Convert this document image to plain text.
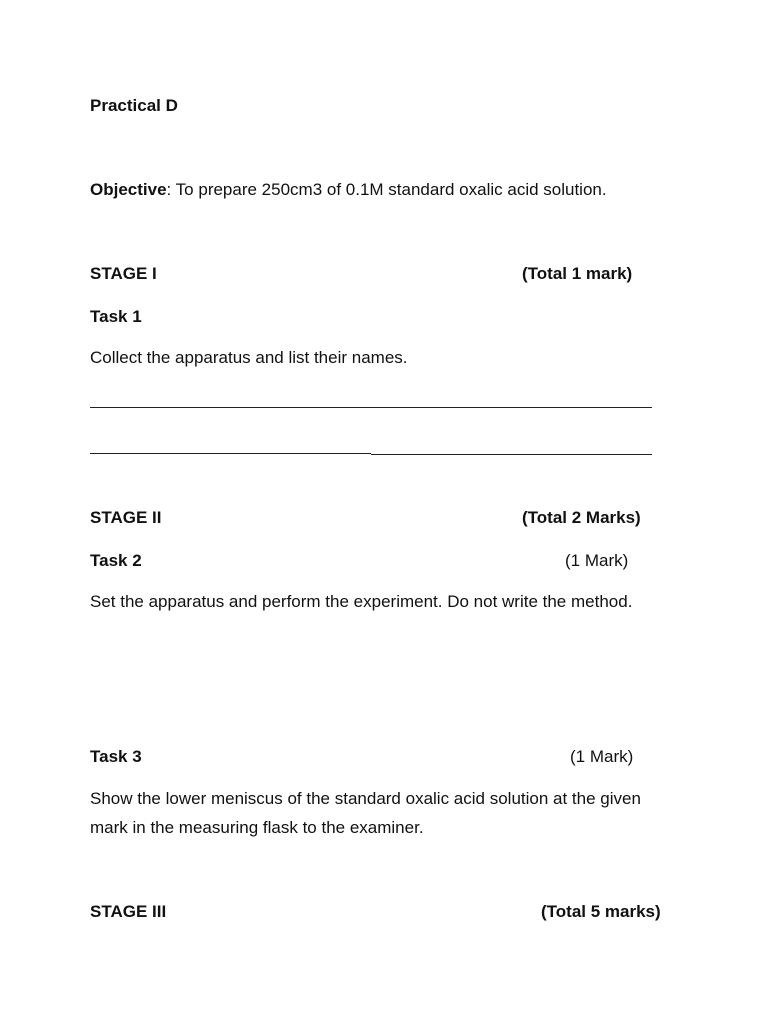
Practical D
Objective: To prepare 250cm3 of 0.1M standard oxalic acid solution.
STAGE I	(Total 1 mark)
Task 1
Collect the apparatus and list their names.
STAGE II	(Total 2 Marks)
Task 2	(1 Mark)
Set the apparatus and perform the experiment. Do not write the method.
Task 3	(1 Mark)
Show the lower meniscus of the standard oxalic acid solution at the given mark in the measuring flask to the examiner.
STAGE III	(Total 5 marks)
